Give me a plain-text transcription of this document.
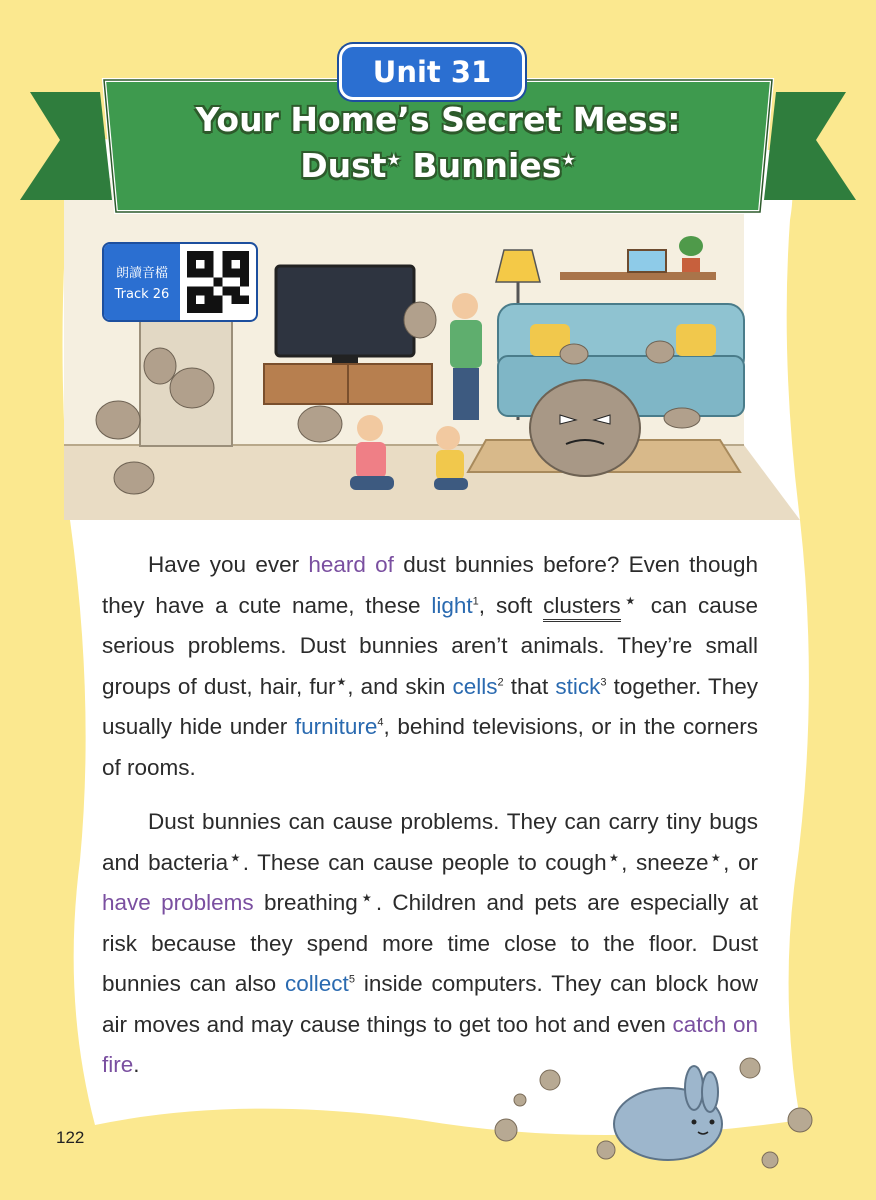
Unit 31
Your Home’s Secret Mess:
Dust★ Bunnies★
朗讀音檔
Track 26

Have you ever heard of dust bunnies before? Even though they have a cute name, these light$^1$, soft clusters★ can cause serious problems. Dust bunnies aren’t animals. They’re small groups of dust, hair, fur★, and skin cells$^2$ that stick$^3$ together. They usually hide under furniture$^4$, behind televisions, or in the corners of rooms.

Dust bunnies can cause problems. They can carry tiny bugs and bacteria★. These can cause people to cough★, sneeze★, or have problems breathing★. Children and pets are especially at risk because they spend more time close to the floor. Dust bunnies can also collect$^5$ inside computers. They can block how air moves and may cause things to get too hot and even catch on fire.

122
